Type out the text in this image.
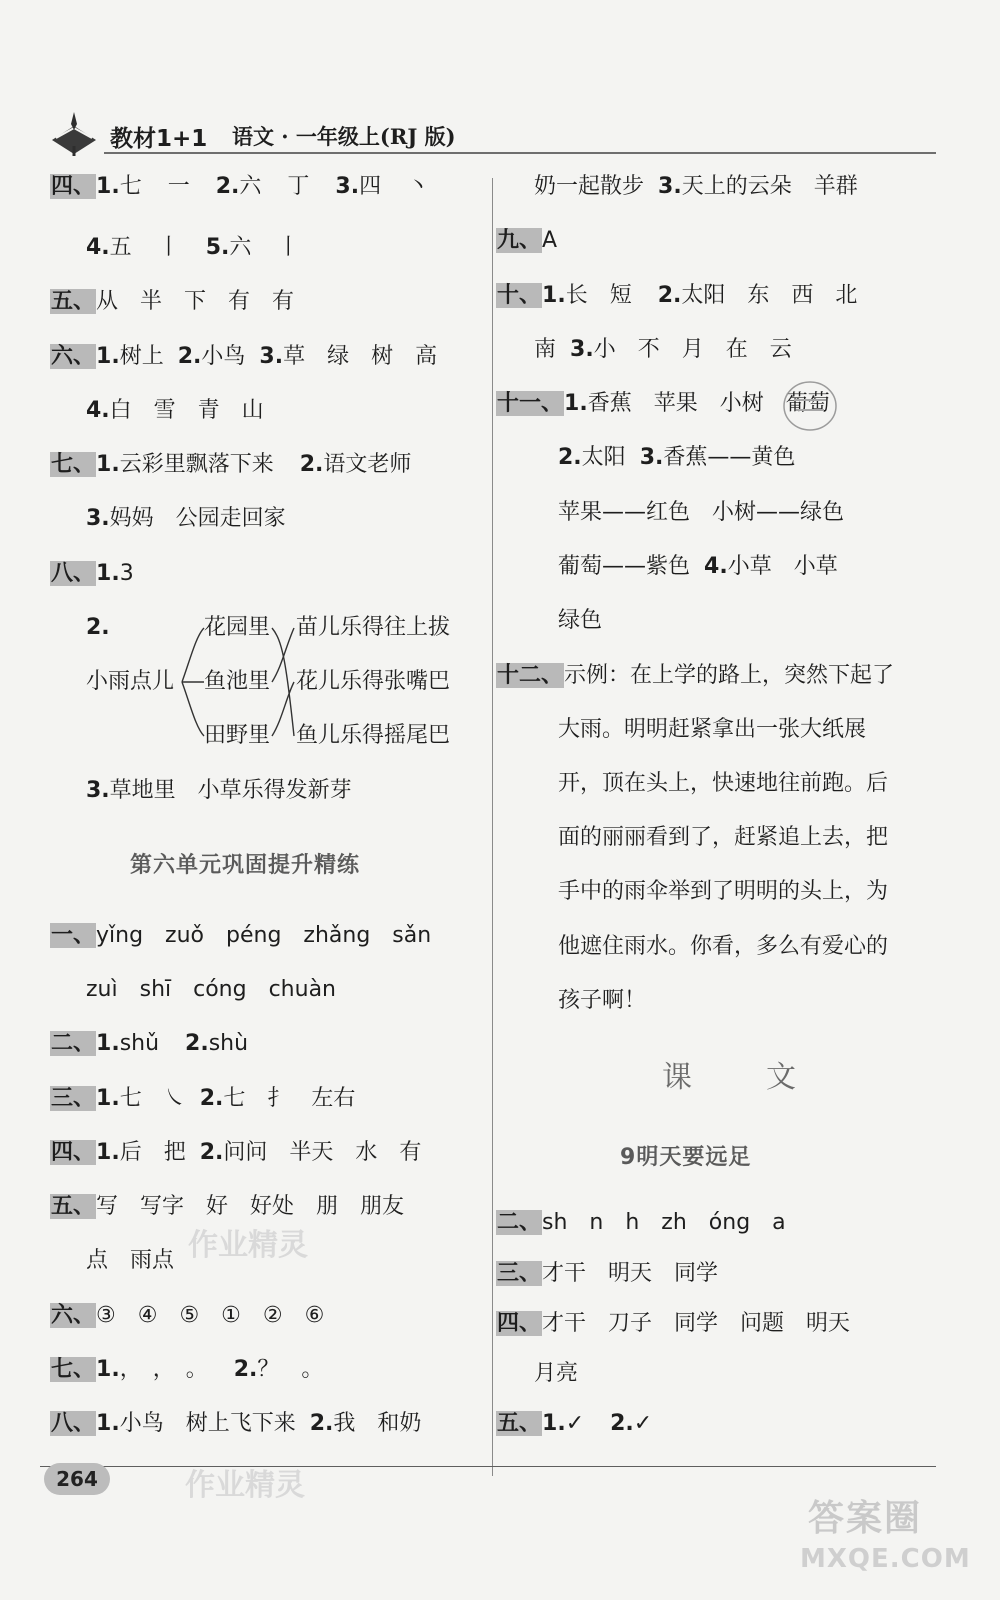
教材1+1 语文 · 一年级上(RJ 版)
四、1.七 一 2.六 丁 3.四 丶
4.五 丨 5.六 丨
五、从　半　下　有　有
六、1.树上 2.小鸟 3.草　绿　树　高
4.白　雪　青　山
七、1.云彩里飘落下来 2.语文老师
3.妈妈　公园走回家
八、1.3
2.
小雨点儿
花园里
鱼池里
田野里
苗儿乐得往上拔
花儿乐得张嘴巴
鱼儿乐得摇尾巴
3.草地里　小草乐得发新芽
第六单元巩固提升精练
一、yǐng　zuǒ　péng　zhǎng　sǎn
zuì　shī　cóng　chuàn
二、1.shǔ 2.shù
三、1.七　㇏ 2.七　扌　左右
四、1.后　把 2.问问　半天　水　有
五、写　写字　好　好处　朋　朋友
点　雨点
六、③　④　⑤　①　②　⑥
七、1.，　，　。 2.？　。
八、1.小鸟　树上飞下来 2.我　和奶
奶一起散步 3.天上的云朵　羊群
九、A
十、1.长　短 2.太阳　东　西　北
南 3.小　不　月　在　云
十一、1.香蕉　苹果　小树　葡萄
2.太阳 3.香蕉——黄色
苹果——红色　小树——绿色
葡萄——紫色 4.小草　小草
绿色
十二、示例：在上学的路上，突然下起了
大雨。明明赶紧拿出一张大纸展
开，顶在头上，快速地往前跑。后
面的丽丽看到了，赶紧追上去，把
手中的雨伞举到了明明的头上，为
他遮住雨水。你看，多么有爱心的
孩子啊！
课　文
9明天要远足
二、sh　n　h　zh　óng　a
三、才干　明天　同学
四、才干　刀子　同学　问题　明天
月亮
五、1.✓ 2.✓
作业精灵
作业精灵
答案圈
MXQE.COM
264
